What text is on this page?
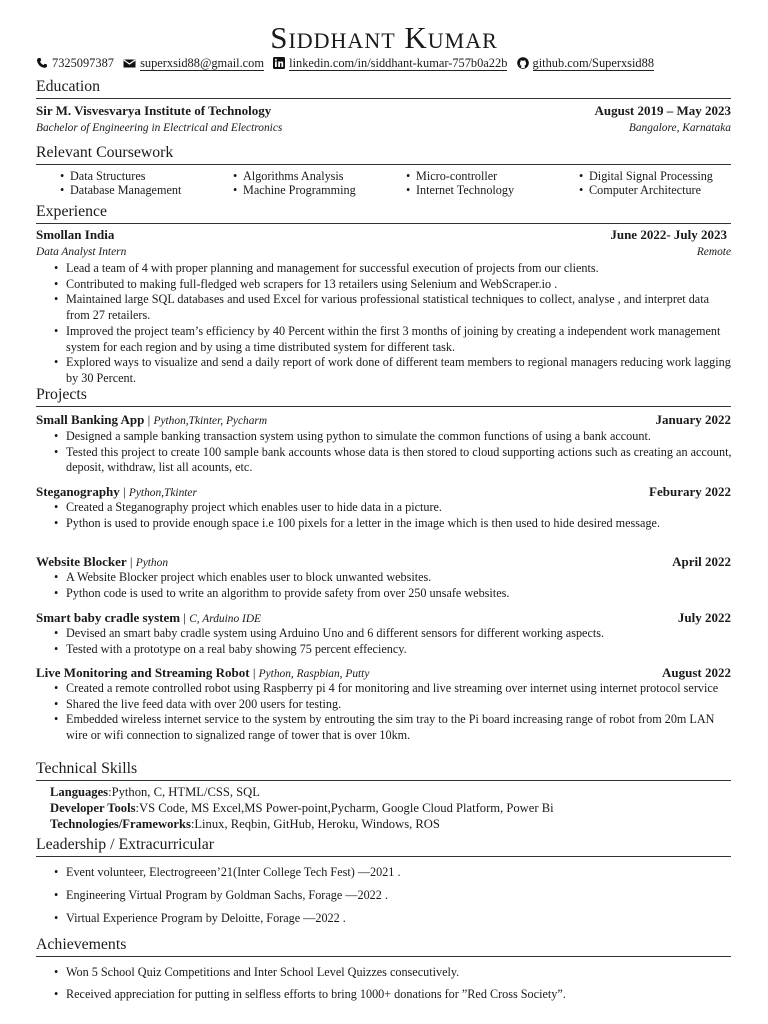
Siddhant Kumar
7325097387 superxsid88@gmail.com linkedin.com/in/siddhant-kumar-757b0a22b github.com/Superxsid88
Education
Sir M. Visvesvarya Institute of Technology	August 2019 – May 2023
Bachelor of Engineering in Electrical and Electronics	Bangalore, Karnataka
Relevant Coursework
• Data Structures
• Database Management
• Algorithms Analysis
• Machine Programming
• Micro-controller
• Internet Technology
• Digital Signal Processing
• Computer Architecture
Experience
Smollan India	June 2022- July 2023
Data Analyst Intern	Remote
• Lead a team of 4 with proper planning and management for successful execution of projects from our clients.
• Contributed to making full-fledged web scrapers for 13 retailers using Selenium and WebScraper.io .
• Maintained large SQL databases and used Excel for various professional statistical techniques to collect, analyse , and interpret data from 27 retailers.
• Improved the project team’s efficiency by 40 Percent within the first 3 months of joining by creating a independent work management system for each region and by using a time distributed system for different task.
• Explored ways to visualize and send a daily report of work done of different team members to regional managers reducing work lagging by 30 Percent.
Projects
Small Banking App | Python,Tkinter, Pycharm	January 2022
• Designed a sample banking transaction system using python to simulate the common functions of using a bank account.
• Tested this project to create 100 sample bank accounts whose data is then stored to cloud supporting actions such as creating an account, deposit, withdraw, list all acounts, etc.
Steganography | Python,Tkinter	Feburary 2022
• Created a Steganography project which enables user to hide data in a picture.
• Python is used to provide enough space i.e 100 pixels for a letter in the image which is then used to hide desired message.
Website Blocker | Python	April 2022
• A Website Blocker project which enables user to block unwanted websites.
• Python code is used to write an algorithm to provide safety from over 250 unsafe websites.
Smart baby cradle system | C, Arduino IDE	July 2022
• Devised an smart baby cradle system using Arduino Uno and 6 different sensors for different working aspects.
• Tested with a prototype on a real baby showing 75 percent effeciency.
Live Monitoring and Streaming Robot | Python, Raspbian, Putty	August 2022
• Created a remote controlled robot using Raspberry pi 4 for monitoring and live streaming over internet using internet protocol service
• Shared the live feed data with over 200 users for testing.
• Embedded wireless internet service to the system by entrouting the sim tray to the Pi board increasing range of robot from 20m LAN wire or wifi connection to signalized range of tower that is over 10km.
Technical Skills
Languages:Python, C, HTML/CSS, SQL
Developer Tools:VS Code, MS Excel,MS Power-point,Pycharm, Google Cloud Platform, Power Bi
Technologies/Frameworks:Linux, Reqbin, GitHub, Heroku, Windows, ROS
Leadership / Extracurricular
• Event volunteer, Electrogreeen’21(Inter College Tech Fest) —2021 .
• Engineering Virtual Program by Goldman Sachs, Forage —2022 .
• Virtual Experience Program by Deloitte, Forage —2022 .
Achievements
• Won 5 School Quiz Competitions and Inter School Level Quizzes consecutively.
• Received appreciation for putting in selfless efforts to bring 1000+ donations for ”Red Cross Society”.
